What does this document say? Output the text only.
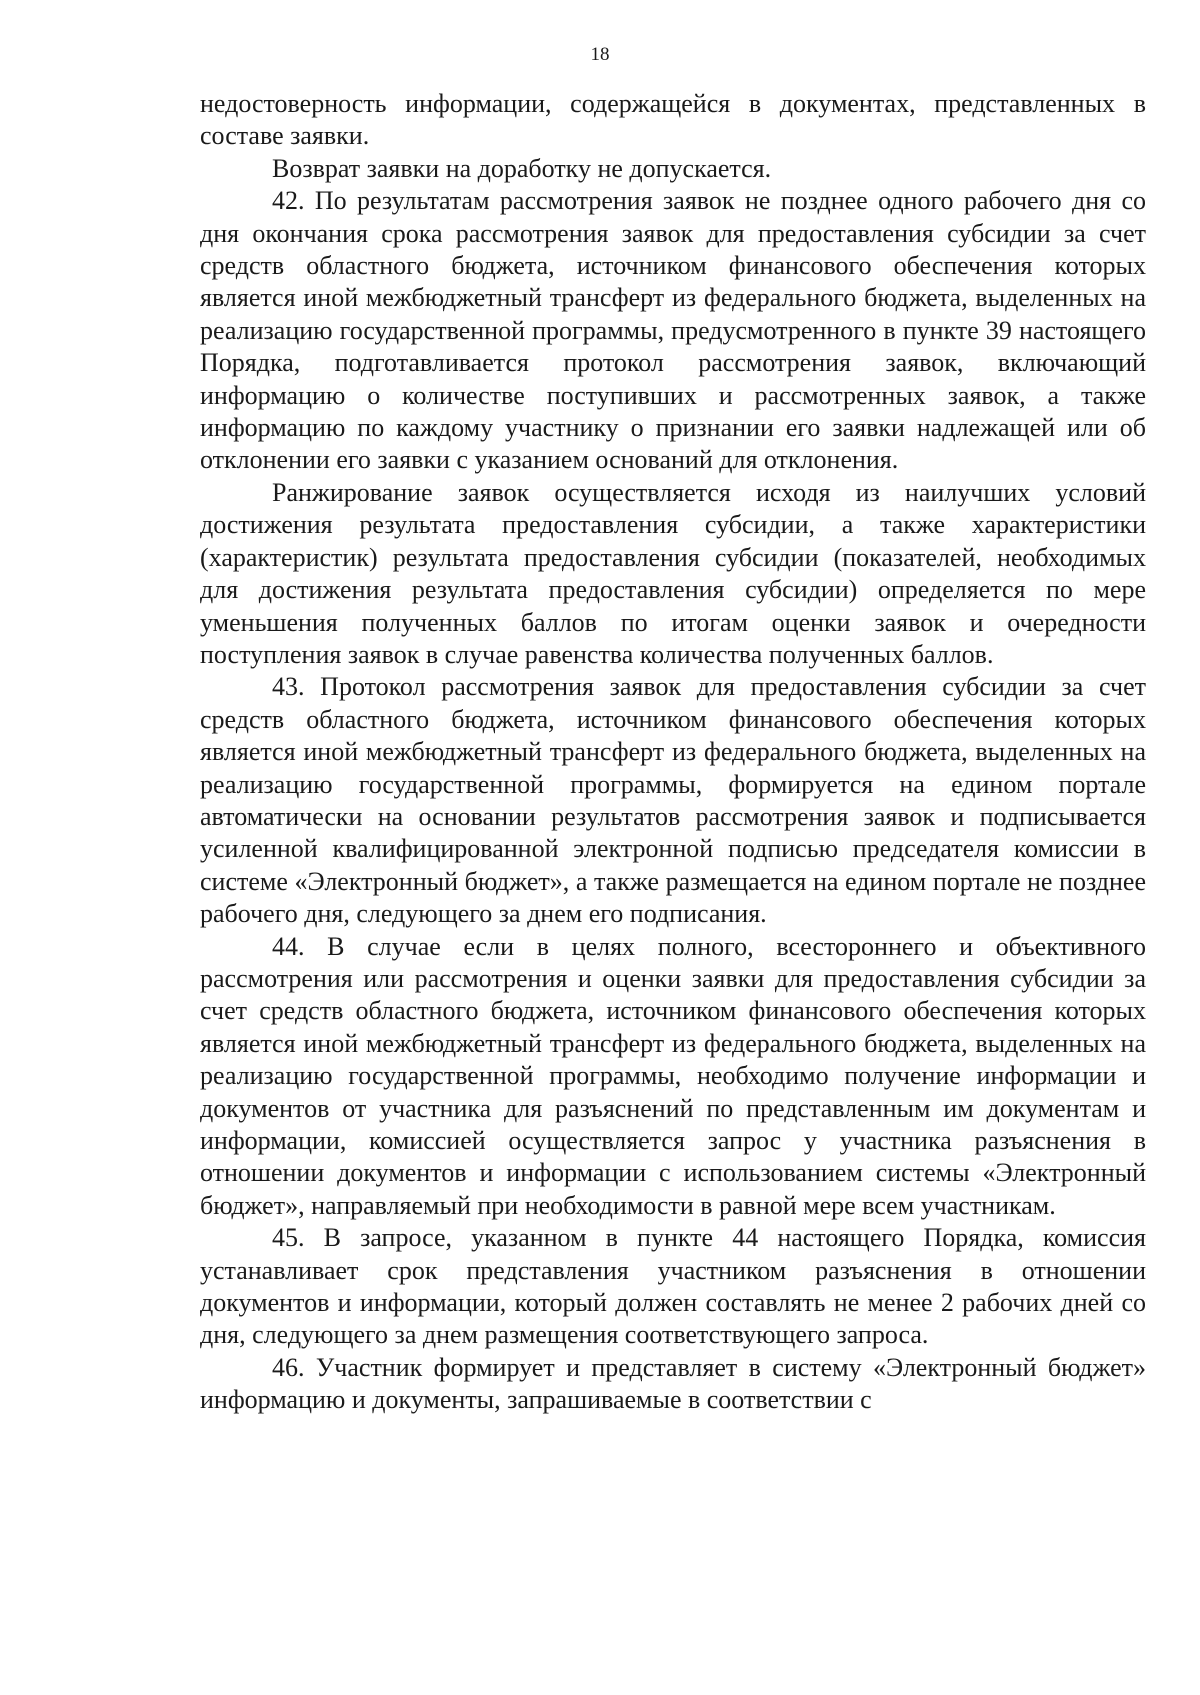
18

недостоверность информации, содержащейся в документах, представленных в составе заявки.

Возврат заявки на доработку не допускается.

42. По результатам рассмотрения заявок не позднее одного рабочего дня со дня окончания срока рассмотрения заявок для предоставления субсидии за счет средств областного бюджета, источником финансового обеспечения которых является иной межбюджетный трансферт из федерального бюджета, выделенных на реализацию государственной программы, предусмотренного в пункте 39 настоящего Порядка, подготавливается протокол рассмотрения заявок, включающий информацию о количестве поступивших и рассмотренных заявок, а также информацию по каждому участнику о признании его заявки надлежащей или об отклонении его заявки с указанием оснований для отклонения.

Ранжирование заявок осуществляется исходя из наилучших условий достижения результата предоставления субсидии, а также характеристики (характеристик) результата предоставления субсидии (показателей, необходимых для достижения результата предоставления субсидии) определяется по мере уменьшения полученных баллов по итогам оценки заявок и очередности поступления заявок в случае равенства количества полученных баллов.

43. Протокол рассмотрения заявок для предоставления субсидии за счет средств областного бюджета, источником финансового обеспечения которых является иной межбюджетный трансферт из федерального бюджета, выделенных на реализацию государственной программы, формируется на едином портале автоматически на основании результатов рассмотрения заявок и подписывается усиленной квалифицированной электронной подписью председателя комиссии в системе «Электронный бюджет», а также размещается на едином портале не позднее рабочего дня, следующего за днем его подписания.

44. В случае если в целях полного, всестороннего и объективного рассмотрения или рассмотрения и оценки заявки для предоставления субсидии за счет средств областного бюджета, источником финансового обеспечения которых является иной межбюджетный трансферт из федерального бюджета, выделенных на реализацию государственной программы, необходимо получение информации и документов от участника для разъяснений по представленным им документам и информации, комиссией осуществляется запрос у участника разъяснения в отношении документов и информации с использованием системы «Электронный бюджет», направляемый при необходимости в равной мере всем участникам.

45. В запросе, указанном в пункте 44 настоящего Порядка, комиссия устанавливает срок представления участником разъяснения в отношении документов и информации, который должен составлять не менее 2 рабочих дней со дня, следующего за днем размещения соответствующего запроса.

46. Участник формирует и представляет в систему «Электронный бюджет» информацию и документы, запрашиваемые в соответствии с
